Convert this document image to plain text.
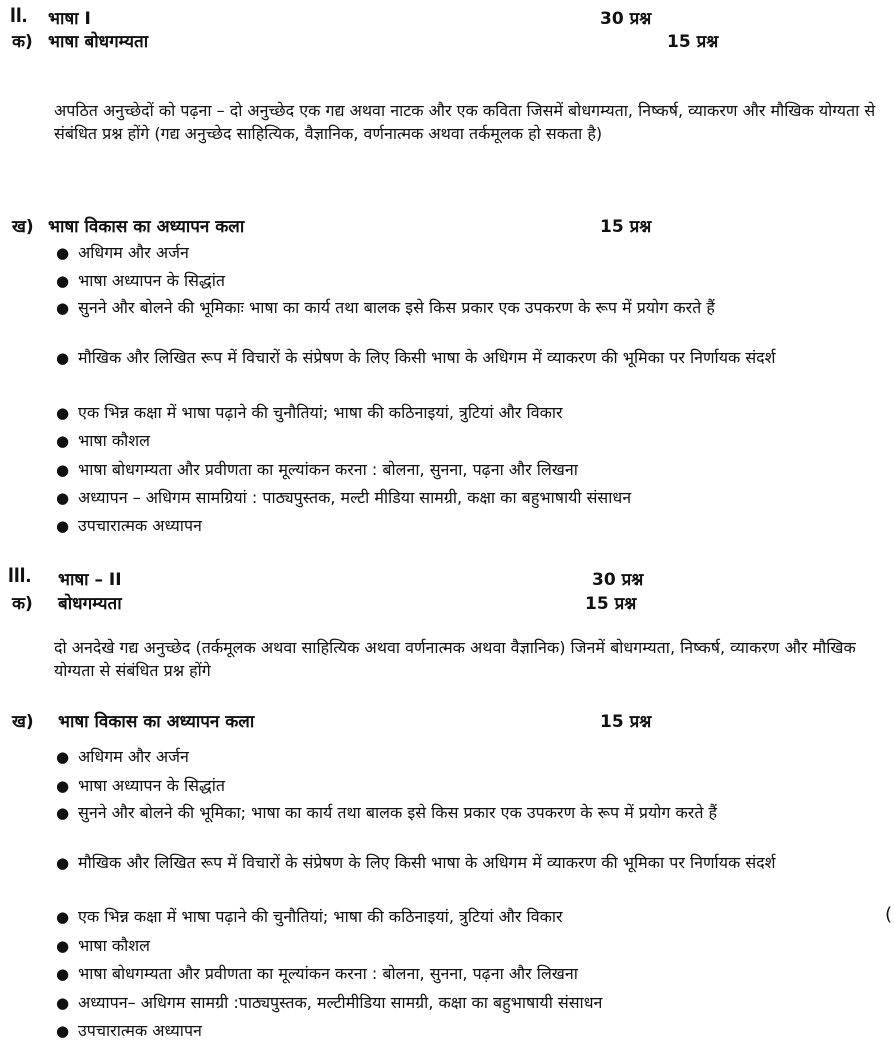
II. भाषा I	30 प्रश्न
क) भाषा बोधगम्यता	15 प्रश्न
अपठित अनुच्छेदों को पढ़ना – दो अनुच्छेद एक गद्य अथवा नाटक और एक कविता जिसमें बोधगम्यता, निष्कर्ष, व्याकरण और मौखिक योग्यता से संबंधित प्रश्न होंगे (गद्य अनुच्छेद साहित्यिक, वैज्ञानिक, वर्णनात्मक अथवा तर्कमूलक हो सकता है)
ख) भाषा विकास का अध्यापन कला	15 प्रश्न
● अधिगम और अर्जन
● भाषा अध्यापन के सिद्धांत
● सुनने और बोलने की भूमिकाः भाषा का कार्य तथा बालक इसे किस प्रकार एक उपकरण के रूप में प्रयोग करते हैं
● मौखिक और लिखित रूप में विचारों के संप्रेषण के लिए किसी भाषा के अधिगम में व्याकरण की भूमिका पर निर्णायक संदर्श
● एक भिन्न कक्षा में भाषा पढ़ाने की चुनौतियां; भाषा की कठिनाइयां, त्रुटियां और विकार
● भाषा कौशल
● भाषा बोधगम्यता और प्रवीणता का मूल्यांकन करना : बोलना, सुनना, पढ़ना और लिखना
● अध्यापन – अधिगम सामग्रियां : पाठ्यपुस्तक, मल्टी मीडिया सामग्री, कक्षा का बहुभाषायी संसाधन
● उपचारात्मक अध्यापन
III. भाषा – II	30 प्रश्न
क) बोधगम्यता	15 प्रश्न
दो अनदेखे गद्य अनुच्छेद (तर्कमूलक अथवा साहित्यिक अथवा वर्णनात्मक अथवा वैज्ञानिक) जिनमें बोधगम्यता, निष्कर्ष, व्याकरण और मौखिक योग्यता से संबंधित प्रश्न होंगे
ख) भाषा विकास का अध्यापन कला	15 प्रश्न
● अधिगम और अर्जन
● भाषा अध्यापन के सिद्धांत
● सुनने और बोलने की भूमिका; भाषा का कार्य तथा बालक इसे किस प्रकार एक उपकरण के रूप में प्रयोग करते हैं
● मौखिक और लिखित रूप में विचारों के संप्रेषण के लिए किसी भाषा के अधिगम में व्याकरण की भूमिका पर निर्णायक संदर्श
● एक भिन्न कक्षा में भाषा पढ़ाने की चुनौतियां; भाषा की कठिनाइयां, त्रुटियां और विकार
● भाषा कौशल
● भाषा बोधगम्यता और प्रवीणता का मूल्यांकन करना : बोलना, सुनना, पढ़ना और लिखना
● अध्यापन– अधिगम सामग्री :पाठ्यपुस्तक, मल्टीमीडिया सामग्री, कक्षा का बहुभाषायी संसाधन
● उपचारात्मक अध्यापन
(
